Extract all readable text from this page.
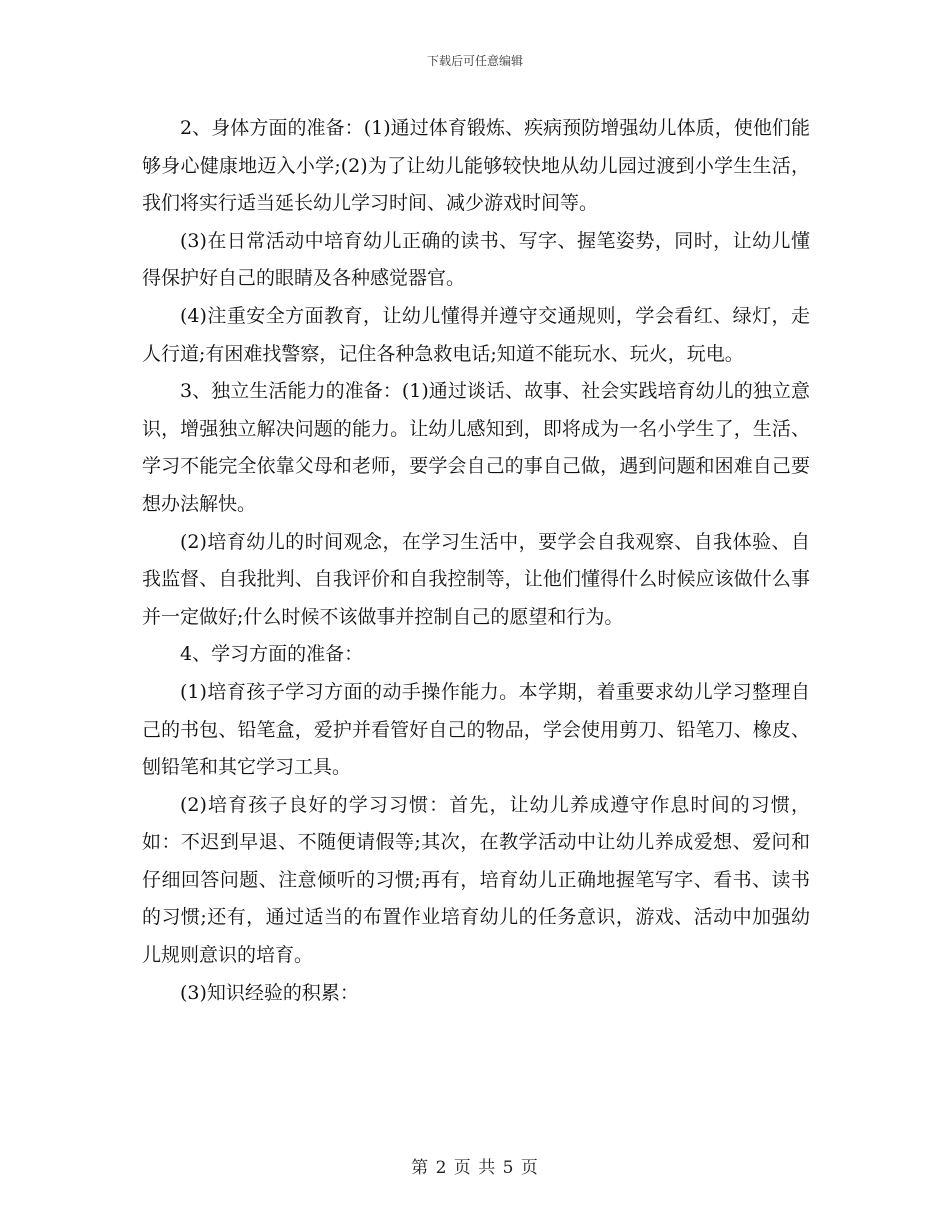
下载后可任意编辑

2、身体方面的准备：(1)通过体育锻炼、疾病预防增强幼儿体质，使他们能够身心健康地迈入小学;(2)为了让幼儿能够较快地从幼儿园过渡到小学生生活，我们将实行适当延长幼儿学习时间、减少游戏时间等。

(3)在日常活动中培育幼儿正确的读书、写字、握笔姿势，同时，让幼儿懂得保护好自己的眼睛及各种感觉器官。

(4)注重安全方面教育，让幼儿懂得并遵守交通规则，学会看红、绿灯，走人行道;有困难找警察，记住各种急救电话;知道不能玩水、玩火，玩电。

3、独立生活能力的准备：(1)通过谈话、故事、社会实践培育幼儿的独立意识，增强独立解决问题的能力。让幼儿感知到，即将成为一名小学生了，生活、学习不能完全依靠父母和老师，要学会自己的事自己做，遇到问题和困难自己要想办法解快。

(2)培育幼儿的时间观念，在学习生活中，要学会自我观察、自我体验、自我监督、自我批判、自我评价和自我控制等，让他们懂得什么时候应该做什么事并一定做好;什么时候不该做事并控制自己的愿望和行为。

4、学习方面的准备：

(1)培育孩子学习方面的动手操作能力。本学期，着重要求幼儿学习整理自己的书包、铅笔盒，爱护并看管好自己的物品，学会使用剪刀、铅笔刀、橡皮、刨铅笔和其它学习工具。

(2)培育孩子良好的学习习惯：首先，让幼儿养成遵守作息时间的习惯，如：不迟到早退、不随便请假等;其次，在教学活动中让幼儿养成爱想、爱问和仔细回答问题、注意倾听的习惯;再有，培育幼儿正确地握笔写字、看书、读书的习惯;还有，通过适当的布置作业培育幼儿的任务意识，游戏、活动中加强幼儿规则意识的培育。

(3)知识经验的积累：

第 2 页 共 5 页
